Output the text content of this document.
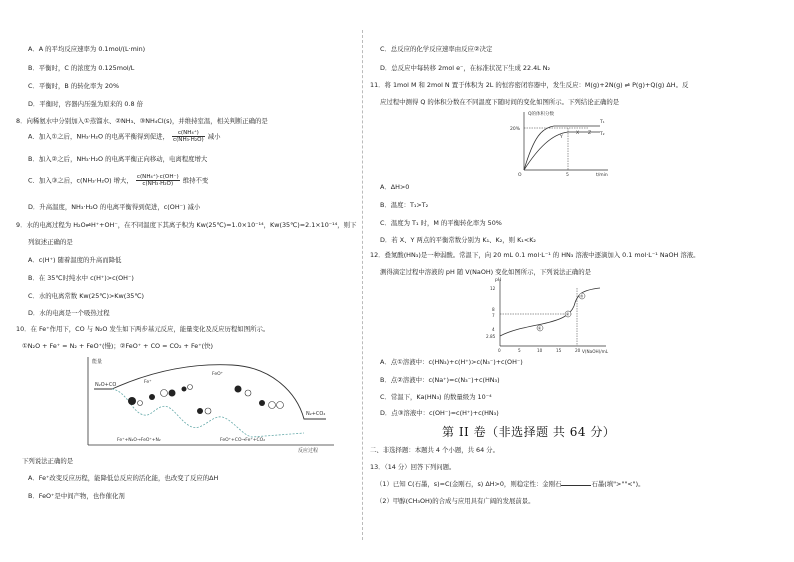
A．A 的平均反应速率为 0.1mol/(L·min)
B．平衡时，C 的浓度为 0.125mol/L
C．平衡时，B 的转化率为 20%
D．平衡时，容器内压强为原来的 0.8 倍
8．向稀氨水中分别加入①蒸馏水、②NH₃、③NH₄Cl(s)，并维持室温，相关判断正确的是
A．加入①之后，NH₃·H₂O 的电离平衡得到促进， $\frac{\text{c(NH₄⁺)}}{\text{c(NH₃·H₂O)}}$ 减小
B．加入②之后，NH₃·H₂O 的电离平衡正向移动，电离程度增大
C．加入③之后，c(NH₃·H₂O) 增大， $\frac{\text{c(NH₄⁺)·c(OH⁻)}}{\text{c(NH₃·H₂O)}}$ 维持不变
D．升高温度，NH₃·H₂O 的电离平衡得到促进，c(OH⁻) 减小
9．水的电离过程为 H₂O⇌H⁺+OH⁻，在不同温度下其离子积为 Kw(25℃)=1.0×10⁻¹⁴，Kw(35℃)=2.1×10⁻¹⁴，则下
列叙述正确的是
A．c(H⁺) 随着温度的升高而降低
B．在 35℃时纯水中 c(H⁺)>c(OH⁻)
C．水的电离常数 Kw(25℃)>Kw(35℃)
D．水的电离是一个吸热过程
10．在 Fe⁺作用下，CO 与 N₂O 发生如下两步基元反应，能量变化及反应历程如图所示。
①N₂O + Fe⁺ = N₂ + FeO⁺(慢)；②FeO⁺ + CO = CO₂ + Fe⁺(快)
能量
反应过程
N₂O+CO
N₂+CO₂
Fe⁺+N₂O→FeO⁺+N₂	FeO⁺+CO→Fe⁺+CO₂
Fe⁺
FeO⁺
下列说法正确的是
A．Fe⁺改变反应历程，能降低总反应的活化能，也改变了反应的ΔH
B．FeO⁺是中间产物，也作催化剂
C．总反应的化学反应速率由反应②决定
D．总反应中每转移 2mol e⁻，在标准状况下生成 22.4L N₂
11．将 1mol M 和 2mol N 置于体积为 2L 的恒容密闭容器中，发生反应：M(g)+2N(g) ⇌ P(g)+Q(g) ΔH。反
应过程中测得 Q 的体积分数在不同温度下随时间的变化如图所示。下列结论正确的是
Q的体积分数
t/min
20%
5
O
T₁
T₂
X
Y
Z
A．ΔH>0
B．温度：T₁>T₂
C．温度为 T₁ 时，M 的平衡转化率为 50%
D．若 X、Y 两点的平衡常数分别为 K₁、K₂，则 K₁<K₂
12．叠氮酸(HN₃)是一种弱酸。常温下，向 20 mL 0.1 mol·L⁻¹ 的 HN₃ 溶液中逐滴加入 0.1 mol·L⁻¹ NaOH 溶液。
测得滴定过程中溶液的 pH 随 V(NaOH) 变化如图所示，下列说法正确的是
pH
V(NaOH)/mL
12
8
7
4
2.85
0	5	10	15	20
①
②
③
A．点①溶液中：c(HN₃)+c(H⁺)>c(N₃⁻)+c(OH⁻)
B．点②溶液中：c(Na⁺)=c(N₃⁻)+c(HN₃)
C．常温下，Ka(HN₃) 的数量级为 10⁻⁴
D．点③溶液中：c(OH⁻)=c(H⁺)+c(HN₃)
第 II 卷（非选择题 共 64 分）
二、非选择题：本题共 4 个小题，共 64 分。
13．（14 分）回答下列问题。
（1）已知 C(石墨，s)=C(金刚石，s) ΔH>0，则稳定性：金刚石	石墨(填">""<")。
（2）甲醇(CH₃OH)的合成与应用具有广阔的发展前景。
